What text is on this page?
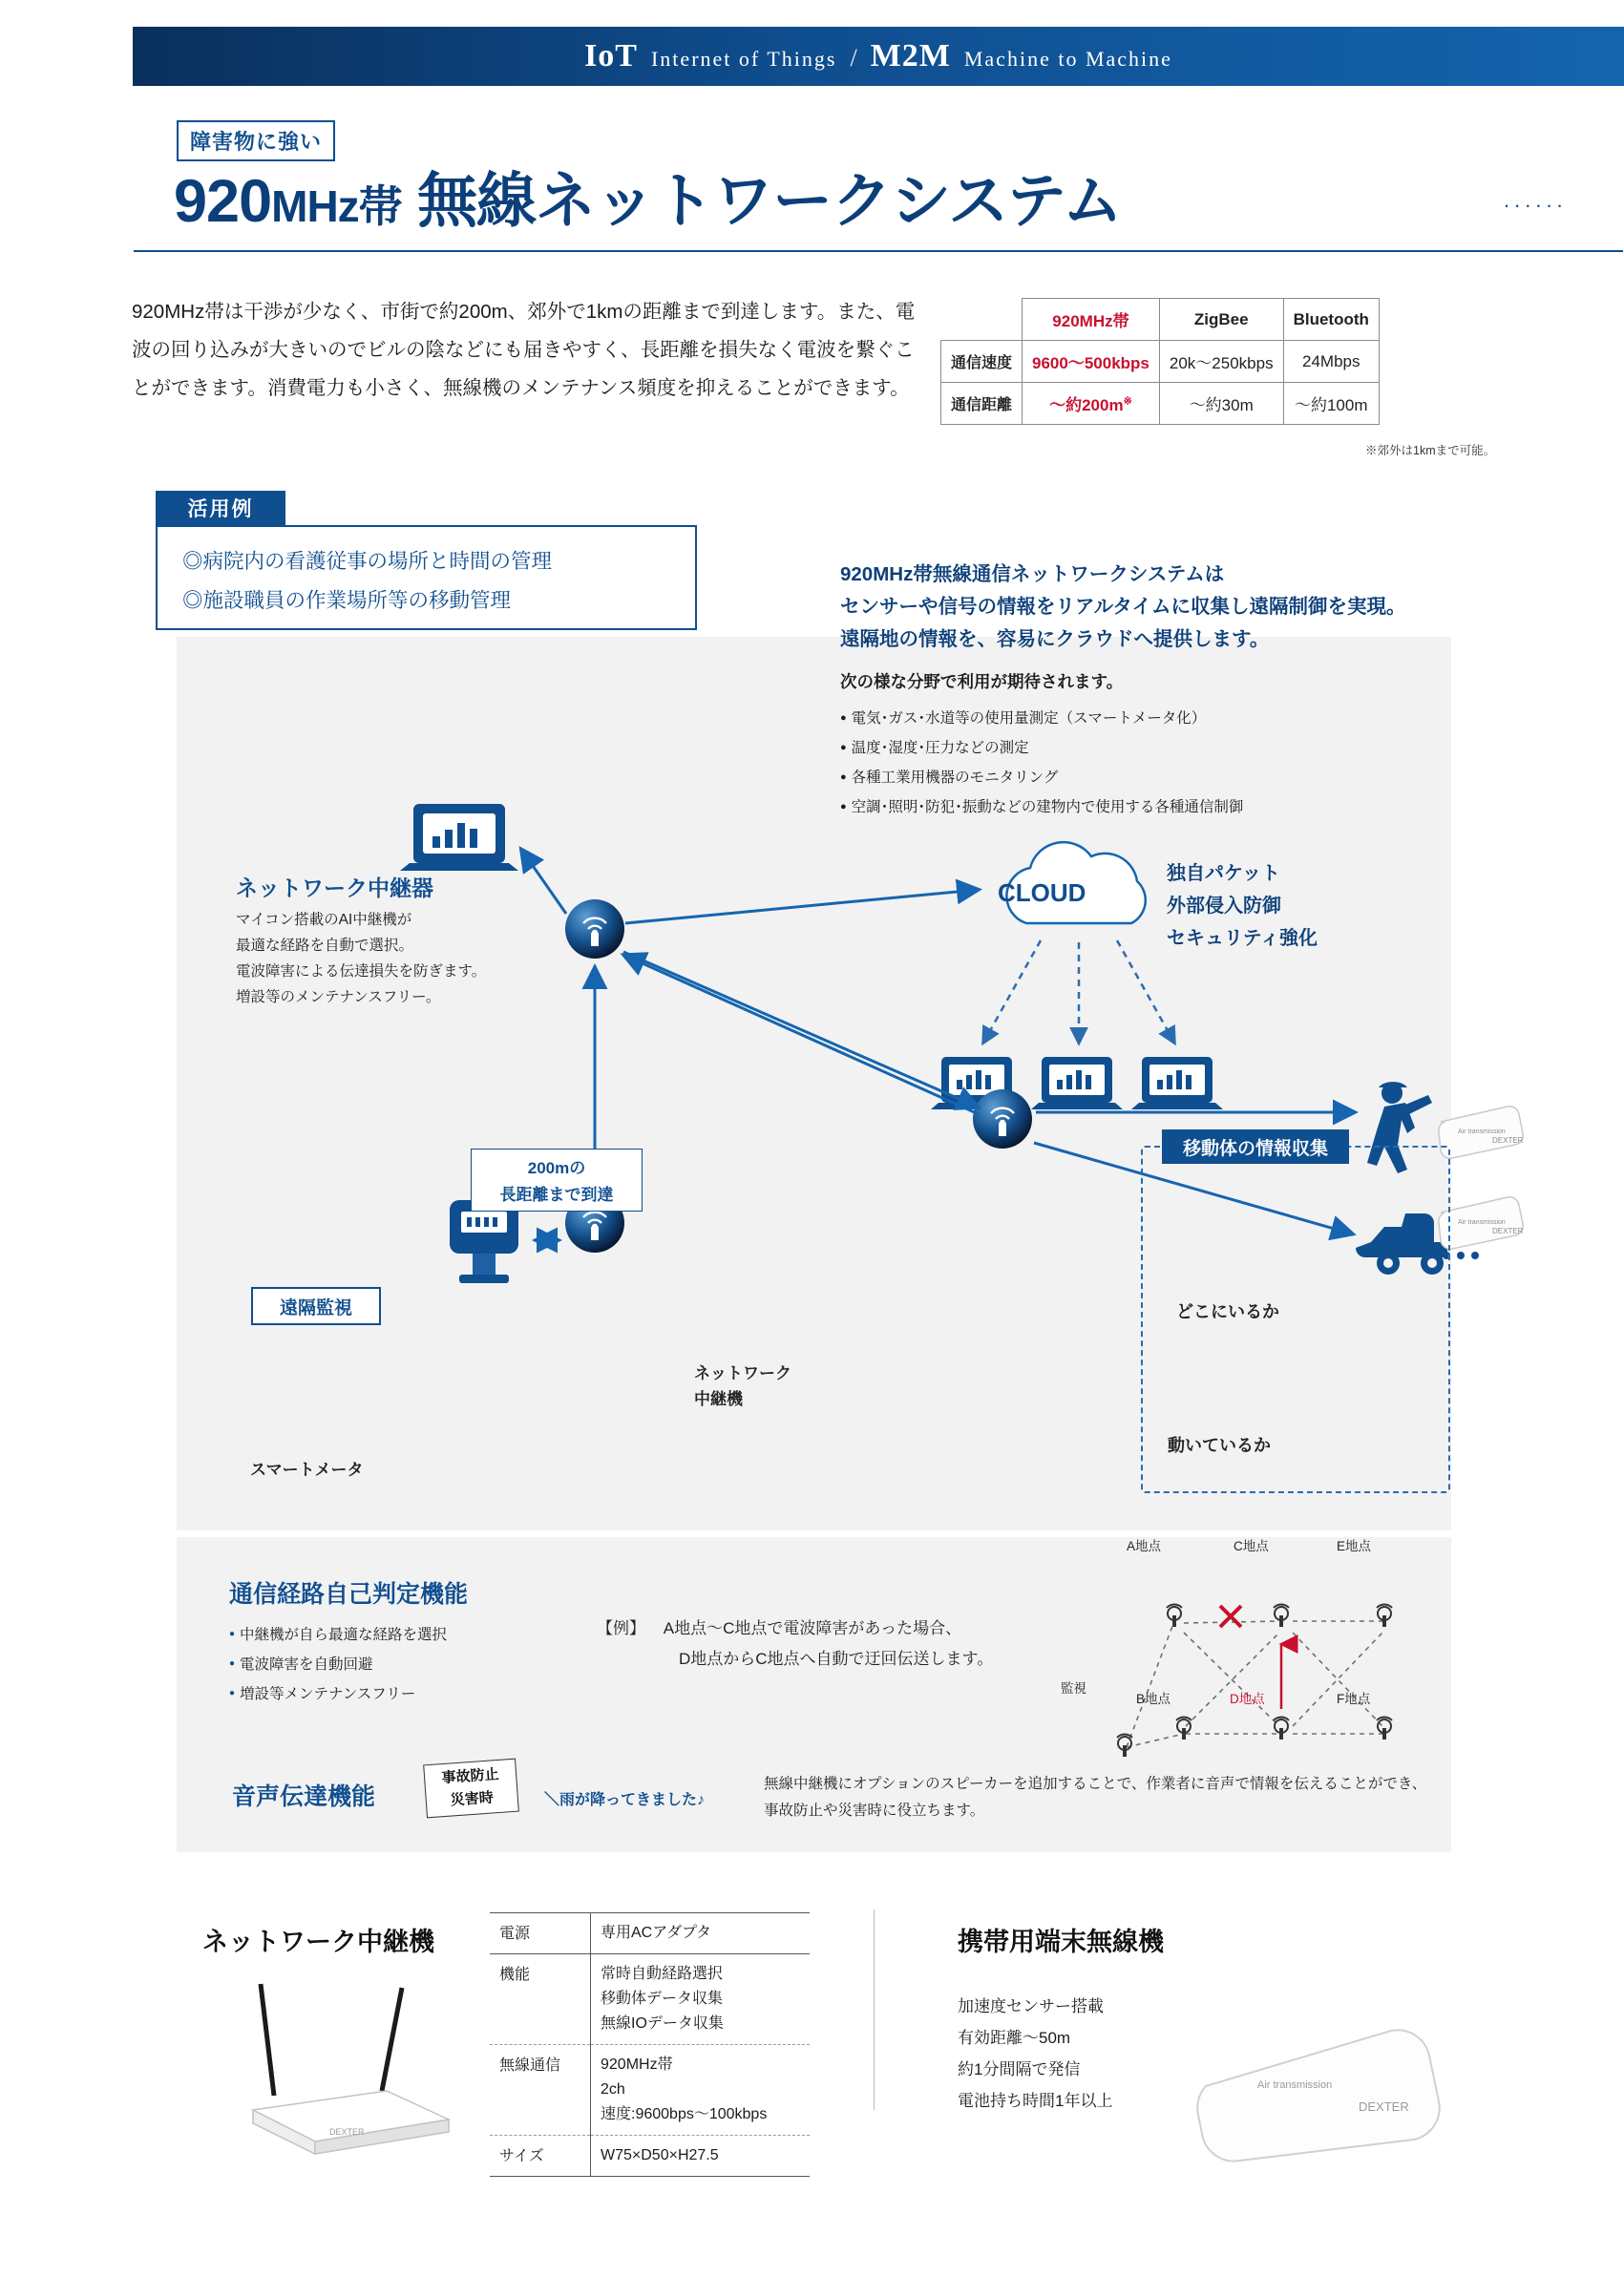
IoT Internet of Things / M2M Machine to Machine
障害物に強い
920MHz帯 無線ネットワークシステム	......
920MHz帯は干渉が少なく、市街で約200m、郊外で1kmの距離まで到達します。また、電波の回り込みが大きいのでビルの陰などにも届きやすく、長距離を損失なく電波を繋ぐことができます。消費電力も小さく、無線機のメンテナンス頻度を抑えることができます。
	920MHz帯	ZigBee	Bluetooth
通信速度	9600〜500kbps	20k〜250kbps	24Mbps
通信距離	〜約200m※	〜約30m	〜約100m
※郊外は1kmまで可能。
活用例
◎病院内の看護従事の場所と時間の管理
◎施設職員の作業場所等の移動管理
Air transmission
DEXTER
Air transmission
DEXTER
920MHz帯無線通信ネットワークシステムは
センサーや信号の情報をリアルタイムに収集し遠隔制御を実現。
遠隔地の情報を、容易にクラウドへ提供します。
次の様な分野で利用が期待されます。
● 電気･ガス･水道等の使用量測定（スマートメータ化）
● 温度･湿度･圧力などの測定
● 各種工業用機器のモニタリング
● 空調･照明･防犯･振動などの建物内で使用する各種通信制御
ネットワーク中継器
マイコン搭載のAI中継機が
最適な経路を自動で選択。
電波障害による伝達損失を防ぎます。
増設等のメンテナンスフリー。
CLOUD
独自パケット
外部侵入防御
セキュリティ強化
200mの
長距離まで到達
遠隔監視
スマートメータ
ネットワーク
中継機
移動体の情報収集
どこにいるか
動いているか
通信経路自己判定機能
● 中継機が自ら最適な経路を選択
● 電波障害を自動回避
● 増設等メンテナンスフリー
【例】 A地点〜C地点で電波障害があった場合、
D地点からC地点へ自動で迂回伝送します。
A地点	C地点	E地点
B地点	D地点	F地点
監視
音声伝達機能
事故防止
災害時	＼雨が降ってきました♪
無線中継機にオプションのスピーカーを追加することで、作業者に音声で情報を伝えることができ、
事故防止や災害時に役立ちます。
ネットワーク中継機	携帯用端末無線機
DEXTER
電源	専用ACアダプタ
機能	常時自動経路選択
移動体データ収集
無線IOデータ収集

無線通信	920MHz帯
2ch
速度:9600bps〜100kbps

サイズ	W75×D50×H27.5
加速度センサー搭載
有効距離〜50m
約1分間隔で発信
電池持ち時間1年以上
Air transmission
DEXTER
